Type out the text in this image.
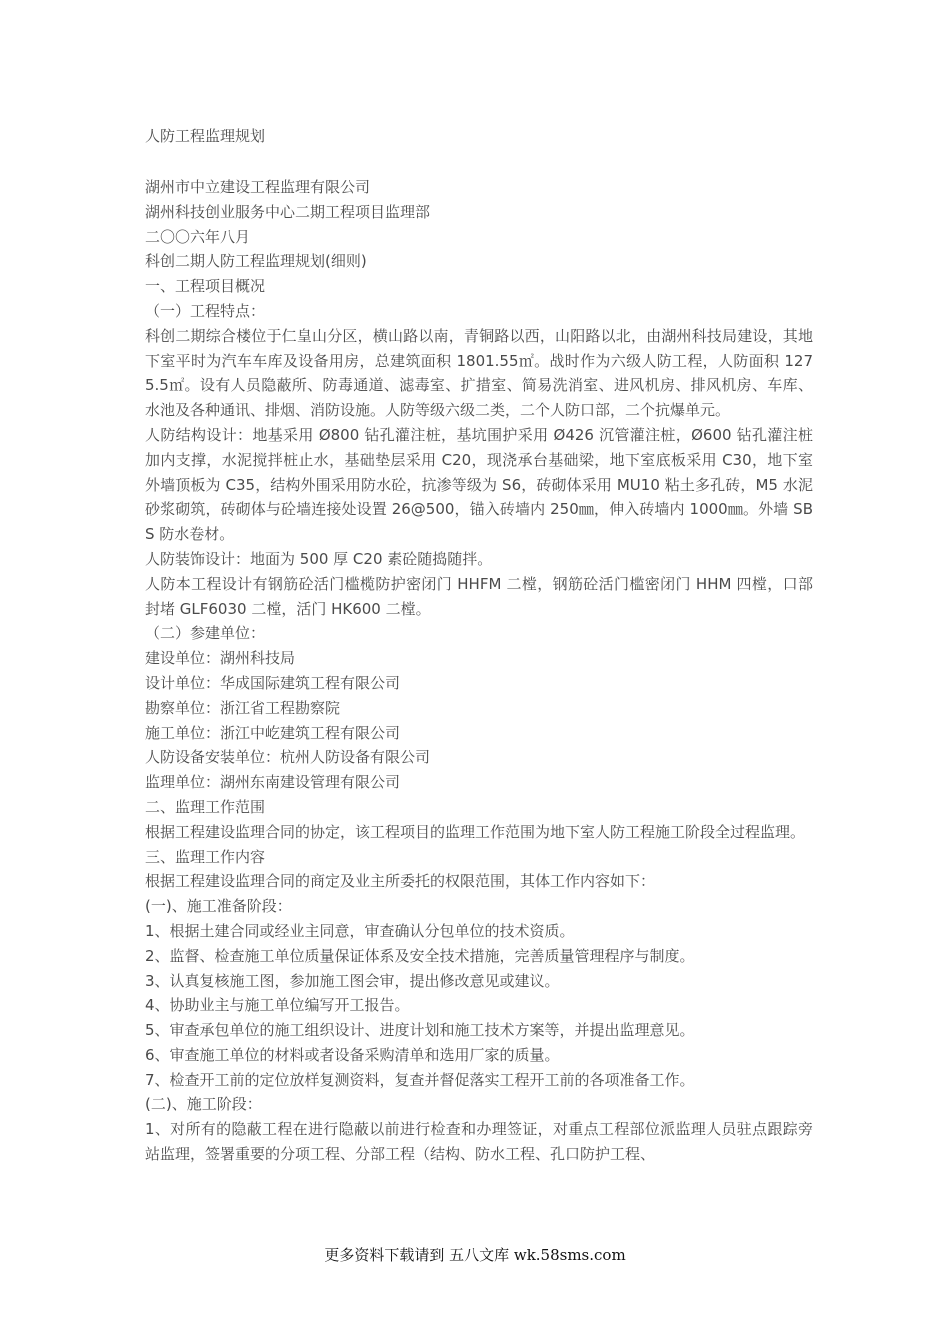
人防工程监理规划
湖州市中立建设工程监理有限公司
湖州科技创业服务中心二期工程项目监理部
二〇〇六年八月
科创二期人防工程监理规划(细则)
一、工程项目概况
（一）工程特点：
科创二期综合楼位于仁皇山分区，横山路以南，青铜路以西，山阳路以北，由湖州科技局建设，其地下室平时为汽车车库及设备用房，总建筑面积 1801.55㎡。战时作为六级人防工程，人防面积 1275.5㎡。设有人员隐蔽所、防毒通道、滤毒室、扩措室、简易洗消室、进风机房、排风机房、车库、水池及各种通讯、排烟、消防设施。人防等级六级二类，二个人防口部，二个抗爆单元。
人防结构设计：地基采用 Ø800 钻孔灌注桩，基坑围护采用 Ø426 沉管灌注桩，Ø600 钻孔灌注桩加内支撑，水泥搅拌桩止水，基础垫层采用 C20，现浇承台基础梁，地下室底板采用 C30，地下室外墙顶板为 C35，结构外围采用防水砼，抗渗等级为 S6，砖砌体采用 MU10 粘土多孔砖，M5 水泥砂浆砌筑，砖砌体与砼墙连接处设置 26@500，锚入砖墙内 250㎜，伸入砖墙内 1000㎜。外墙 SBS 防水卷材。
人防装饰设计：地面为 500 厚 C20 素砼随捣随拌。
人防本工程设计有钢筋砼活门槛榄防护密闭门 HHFM 二樘，钢筋砼活门槛密闭门 HHM 四樘，口部封堵 GLF6030 二樘，活门 HK600 二樘。
（二）参建单位：
建设单位：湖州科技局
设计单位：华成国际建筑工程有限公司
勘察单位：浙江省工程勘察院
施工单位：浙江中屹建筑工程有限公司
人防设备安装单位：杭州人防设备有限公司
监理单位：湖州东南建设管理有限公司
二、监理工作范围
根据工程建设监理合同的协定，该工程项目的监理工作范围为地下室人防工程施工阶段全过程监理。
三、监理工作内容
根据工程建设监理合同的商定及业主所委托的权限范围，其体工作内容如下：
(一)、施工准备阶段：
1、根据土建合同或经业主同意，审查确认分包单位的技术资质。
2、监督、检查施工单位质量保证体系及安全技术措施，完善质量管理程序与制度。
3、认真复核施工图，参加施工图会审，提出修改意见或建议。
4、协助业主与施工单位编写开工报告。
5、审查承包单位的施工组织设计、进度计划和施工技术方案等，并提出监理意见。
6、审查施工单位的材料或者设备采购清单和选用厂家的质量。
7、检查开工前的定位放样复测资料，复查并督促落实工程开工前的各项准备工作。
(二)、施工阶段：
1、对所有的隐蔽工程在进行隐蔽以前进行检查和办理签证，对重点工程部位派监理人员驻点跟踪旁站监理，签署重要的分项工程、分部工程（结构、防水工程、孔口防护工程、
更多资料下载请到 五八文库 wk.58sms.com
